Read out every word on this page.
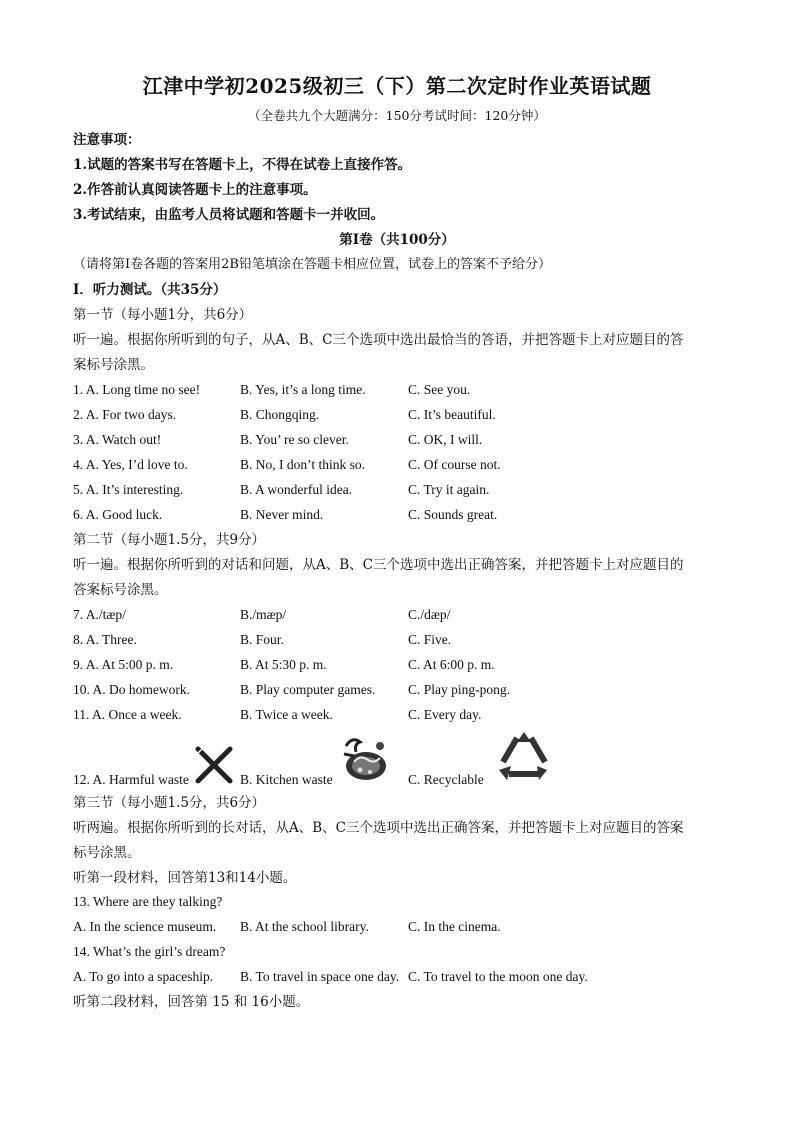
江津中学初2025级初三（下）第二次定时作业英语试题
（全卷共九个大题满分：150分考试时间：120分钟）
注意事项：
1.试题的答案书写在答题卡上，不得在试卷上直接作答。
2.作答前认真阅读答题卡上的注意事项。
3.考试结束，由监考人员将试题和答题卡一并收回。
第Ⅰ卷（共100分）
（请将第Ⅰ卷各题的答案用2B铅笔填涂在答题卡相应位置，试卷上的答案不予给分）
Ⅰ．听力测试。（共35分）
第一节（每小题1分，共6分）
听一遍。根据你所听到的句子，从A、B、C三个选项中选出最恰当的答语，并把答题卡上对应题目的答
案标号涂黑。
1. A. Long time no see!	B. Yes, it’s a long time.	C. See you.
2. A. For two days.	B. Chongqing.	C. It’s beautiful.
3. A. Watch out!	B. You’ re so clever.	C. OK, I will.
4. A. Yes, I’d love to.	B. No, I don’t think so.	C. Of course not.
5. A. It’s interesting.	B. A wonderful idea.	C. Try it again.
6. A. Good luck.	B. Never mind.	C. Sounds great.
第二节（每小题1.5分，共9分）
听一遍。根据你所听到的对话和问题，从A、B、C三个选项中选出正确答案，并把答题卡上对应题目的
答案标号涂黑。
7. A./tæp/	B./mæp/	C./dæp/
8. A. Three.	B. Four.	C. Five.
9. A. At 5:00 p. m.	B. At 5:30 p. m.	C. At 6:00 p. m.
10. A. Do homework.	B. Play computer games. C. Play ping-pong.
11. A. Once a week.	B. Twice a week.	C. Every day.
12. A. Harmful waste	B. Kitchen waste	C. Recyclable
第三节（每小题1.5分，共6分）
听两遍。根据你所听到的长对话，从A、B、C三个选项中选出正确答案，并把答题卡上对应题目的答案
标号涂黑。
听第一段材料，回答第13和14小题。
13. Where are they talking?
A. In the science museum. B. At the school library.	C. In the cinema.
14. What’s the girl’s dream?
A. To go into a spaceship. B. To travel in space one day. C. To travel to the moon one day.
听第二段材料，回答第 15 和 16小题。
